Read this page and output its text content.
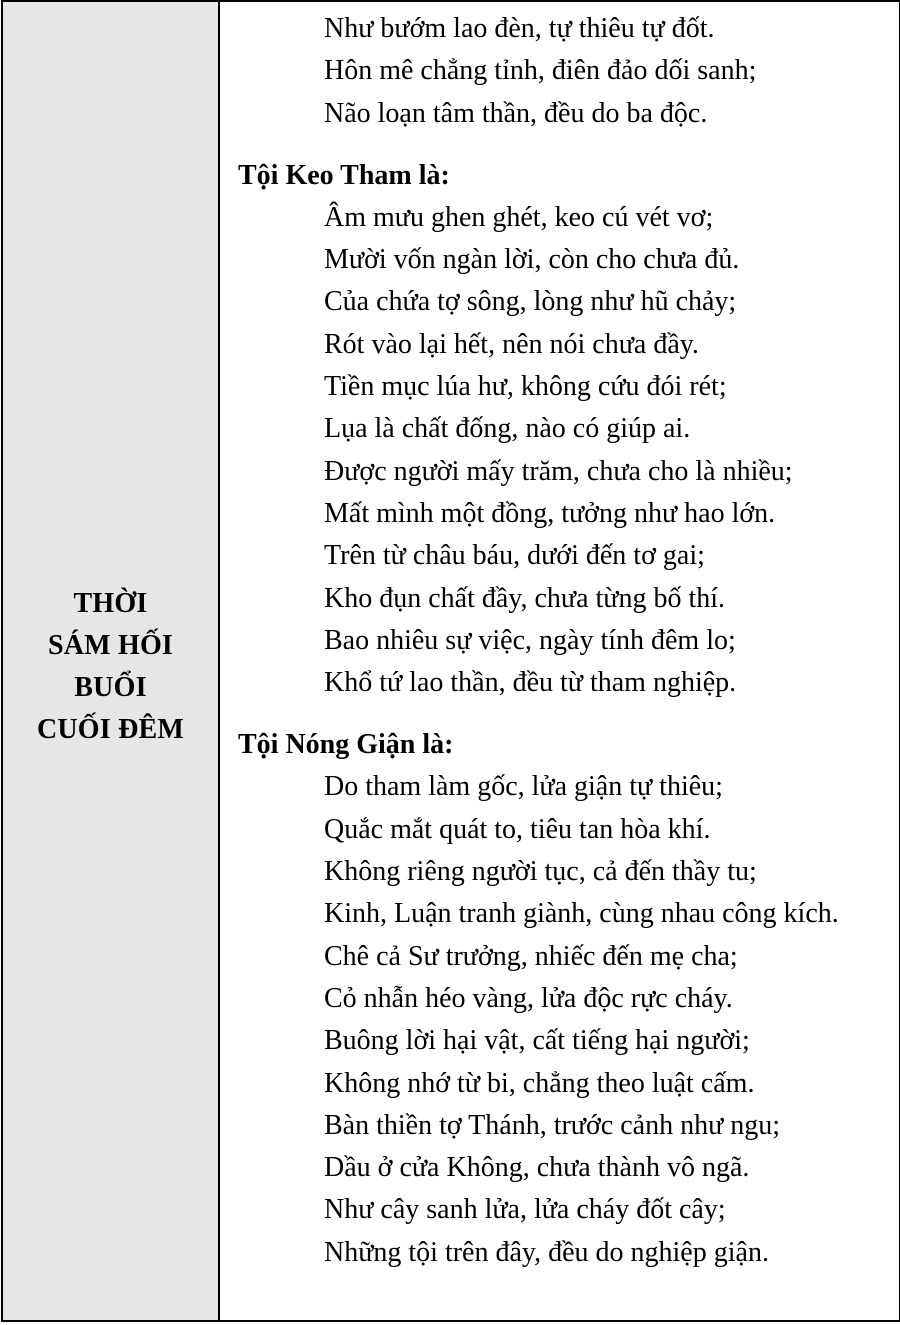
THỜI
SÁM HỐI
BUỔI
CUỐI ĐÊM
Như bướm lao đèn, tự thiêu tự đốt.
Hôn mê chẳng tỉnh, điên đảo dối sanh;
Não loạn tâm thần, đều do ba độc.
Tội Keo Tham là:
Âm mưu ghen ghét, keo cú vét vơ;
Mười vốn ngàn lời, còn cho chưa đủ.
Của chứa tợ sông, lòng như hũ chảy;
Rót vào lại hết, nên nói chưa đầy.
Tiền mục lúa hư, không cứu đói rét;
Lụa là chất đống, nào có giúp ai.
Được người mấy trăm, chưa cho là nhiều;
Mất mình một đồng, tưởng như hao lớn.
Trên từ châu báu, dưới đến tơ gai;
Kho đụn chất đầy, chưa từng bố thí.
Bao nhiêu sự việc, ngày tính đêm lo;
Khổ tứ lao thần, đều từ tham nghiệp.
Tội Nóng Giận là:
Do tham làm gốc, lửa giận tự thiêu;
Quắc mắt quát to, tiêu tan hòa khí.
Không riêng người tục, cả đến thầy tu;
Kinh, Luận tranh giành, cùng nhau công kích.
Chê cả Sư trưởng, nhiếc đến mẹ cha;
Cỏ nhẫn héo vàng, lửa độc rực cháy.
Buông lời hại vật, cất tiếng hại người;
Không nhớ từ bi, chẳng theo luật cấm.
Bàn thiền tợ Thánh, trước cảnh như ngu;
Dầu ở cửa Không, chưa thành vô ngã.
Như cây sanh lửa, lửa cháy đốt cây;
Những tội trên đây, đều do nghiệp giận.
